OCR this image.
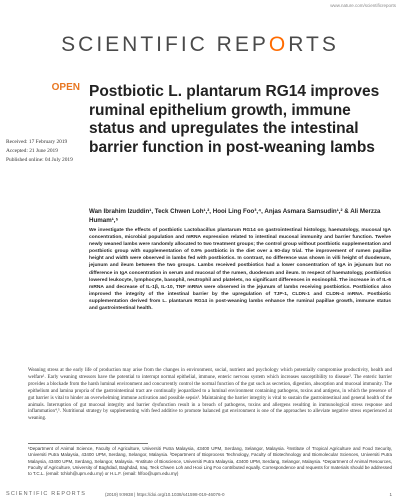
www.nature.com/scientificreports
SCIENTIFIC REPORTS
OPEN
Received: 17 February 2019
Accepted: 21 June 2019
Published online: 04 July 2019
Postbiotic L. plantarum RG14 improves ruminal epithelium growth, immune status and upregulates the intestinal barrier function in post-weaning lambs
Wan Ibrahim Izuddin¹, Teck Chwen Loh¹,², Hooi Ling Foo³,⁴, Anjas Asmara Samsudin¹,² & Ali Merzza Humam¹,⁵

We investigate the effects of postbiotic Lactobacillus plantarum RG14 on gastrointestinal histology, haematology, mucosal IgA concentration, microbial population and mRNA expression related to intestinal mucosal immunity and barrier function. Twelve newly weaned lambs were randomly allocated to two treatment groups; the control group without postbiotic supplementation and postbiotic group with supplementation of 0.9% postbiotic in the diet over a 60-day trial. The improvement of rumen papillae height and width were observed in lambs fed with postbiotics. In contrast, no difference was shown in villi height of duodenum, jejunum and ileum between the two groups. Lambs received postbiotics had a lower concentration of IgA in jejunum but no difference in IgA concentration in serum and mucosal of the rumen, duodenum and ileum. In respect of haematology, postbiotics lowered leukocyte, lymphocyte, basophil, neutrophil and platelets, no significant differences in eosinophil. The increase in of IL-6 mRNA and decrease of IL-1β, IL-10, TNF mRNA were observed in the jejunum of lambs receiving postbiotics. Postbiotics also improved the integrity of the intestinal barrier by the upregulation of TJP-1, CLDN-1 and CLDN-4 mRNA. Postbiotic supplementation derived from L. plantarum RG14 in post-weaning lambs enhance the ruminal papillae growth, immune status and gastrointestinal health.

Weaning stress at the early life of production may arise from the changes in environment, social, nutrient and psychology which potentially compromise productivity, health and welfare¹. Early weaning stressors have the potential to interrupt normal epithelial, immune, enteric nervous system which increases susceptibility to disease². The enteric barrier provides a blockade from the harsh luminal environment and concurrently control the normal function of the gut such as secretion, digestion, absorption and mucosal immunity. The epithelium and lamina propria of the gastrointestinal tract are continually jeopardized to a luminal environment containing pathogens, toxins and antigens, in which the presence of gut barrier is vital to hinder an overwhelming immune activation and possible sepsis³. Maintaining the barrier integrity is vital to sustain the gastrointestinal and general health of the animals. Interruption of gut mucosal integrity and barrier dysfunction result in a breach of pathogens, toxins and allergens resulting in immunological stress response and inflammation⁴,⁵. Nutritional strategy by supplementing with feed additive to promote balanced gut environment is one of the approaches to alleviate negative stress experienced at weaning.

¹Department of Animal Science, Faculty of Agriculture, Universiti Putra Malaysia, 43400 UPM, Serdang, Selangor, Malaysia. ²Institute of Tropical Agriculture and Food Security, Universiti Putra Malaysia, 43400 UPM, Serdang, Selangor, Malaysia. ³Department of Bioprocess Technology, Faculty of Biotechnology and Biomolecular Sciences, Universiti Putra Malaysia, 43400 UPM, Serdang, Selangor, Malaysia. ⁴Institute of Bioscience, Universiti Putra Malaysia, 43400 UPM, Serdang, Selangor, Malaysia. ⁵Department of Animal Resources, Faculty of Agriculture, University of Baghdad, Baghdad, Iraq. Teck Chwen Loh and Hooi Ling Foo contributed equally. Correspondence and requests for materials should be addressed to T.C.L. (email: tchloh@upm.edu.my) or H.L.F. (email: hlfoo@upm.edu.my)

SCIENTIFIC REPORTS	(2019) 9:9938 | https://doi.org/10.1038/s41598-019-46076-0	1
